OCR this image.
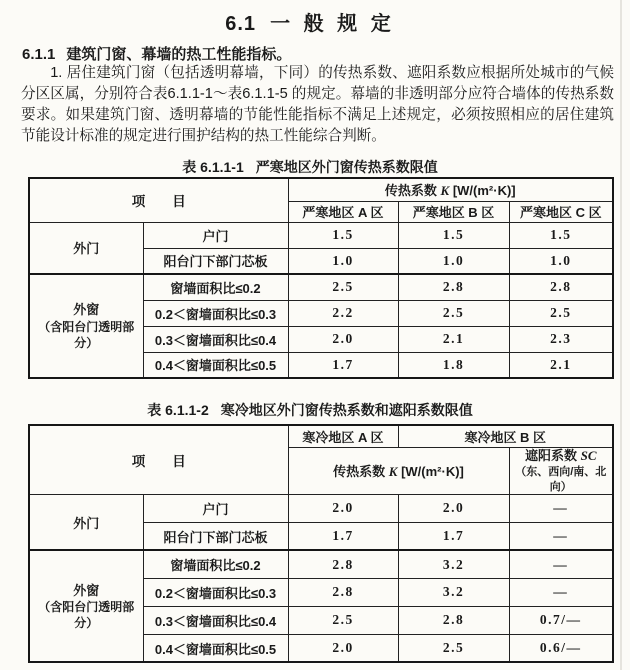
6.1 一 般 规 定

6.1.1 建筑门窗、幕墙的热工性能指标。

1. 居住建筑门窗（包括透明幕墙，下同）的传热系数、遮阳系数应根据所处城市的气候分区区属，分别符合表6.1.1-1～表6.1.1-5 的规定。幕墙的非透明部分应符合墙体的传热系数要求。如果建筑门窗、透明幕墙的节能性能指标不满足上述规定，必须按照相应的居住建筑节能设计标准的规定进行围护结构的热工性能综合判断。

表 6.1.1-1 严寒地区外门窗传热系数限值

项　　目		传热系数 K [W/(m²·K)]		
		严寒地区 A 区	严寒地区 B 区	严寒地区 C 区
外门	户门	1.5	1.5	1.5
	阳台门下部门芯板	1.0	1.0	1.0

外窗
（含阳台门透明部分）	窗墙面积比≤0.2	2.5	2.8	2.8
	0.2＜窗墙面积比≤0.3	2.2	2.5	2.5
	0.3＜窗墙面积比≤0.4	2.0	2.1	2.3
	0.4＜窗墙面积比≤0.5	1.7	1.8	2.1

表 6.1.1-2 寒冷地区外门窗传热系数和遮阳系数限值

项　　目		寒冷地区 A 区	寒冷地区 B 区	
		传热系数 K [W/(m²·K)]		遮阳系数 SC
（东、西向/南、北向）

外门	户门	2.0	2.0	—
	阳台门下部门芯板	1.7	1.7	—

外窗
（含阳台门透明部分）	窗墙面积比≤0.2	2.8	3.2	—
	0.2＜窗墙面积比≤0.3	2.8	3.2	—
	0.3＜窗墙面积比≤0.4	2.5	2.8	0.7/—
	0.4＜窗墙面积比≤0.5	2.0	2.5	0.6/—
